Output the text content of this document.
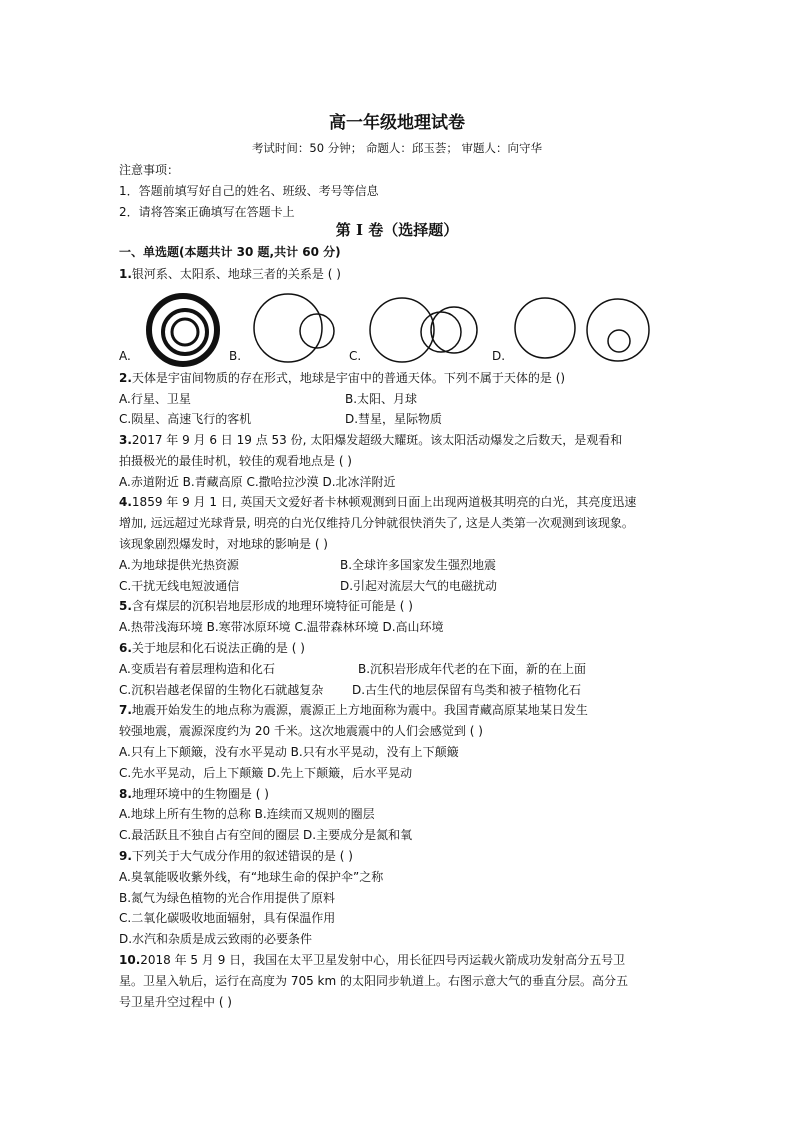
高一年级地理试卷
考试时间：50 分钟； 命题人：邱玉荟； 审题人：向守华
注意事项：
1．答题前填写好自己的姓名、班级、考号等信息
2．请将答案正确填写在答题卡上
第 I 卷（选择题）
一、单选题(本题共计 30 题,共计 60 分)
1.银河系、太阳系、地球三者的关系是 ( )
A.	B.	C.	D.
2.天体是宇宙间物质的存在形式，地球是宇宙中的普通天体。下列不属于天体的是 ()
A.行星、卫星	B.太阳、月球
C.陨星、高速飞行的客机	D.彗星，星际物质
3.2017 年 9 月 6 日 19 点 53 份, 太阳爆发超级大耀斑。该太阳活动爆发之后数天，是观看和
拍摄极光的最佳时机，较佳的观看地点是 ( )
A.赤道附近 B.青藏高原 C.撒哈拉沙漠 D.北冰洋附近
4.1859 年 9 月 1 日, 英国天文爱好者卡林顿观测到日面上出现两道极其明亮的白光，其亮度迅速
增加, 远远超过光球背景, 明亮的白光仅维持几分钟就很快消失了, 这是人类第一次观测到该现象。
该现象剧烈爆发时，对地球的影响是 ( )
A.为地球提供光热资源	B.全球许多国家发生强烈地震
C.干扰无线电短波通信	D.引起对流层大气的电磁扰动
5.含有煤层的沉积岩地层形成的地理环境特征可能是 ( )
A.热带浅海环境 B.寒带冰原环境 C.温带森林环境 D.高山环境
6.关于地层和化石说法正确的是 ( )
A.变质岩有着层理构造和化石	B.沉积岩形成年代老的在下面，新的在上面
C.沉积岩越老保留的生物化石就越复杂 D.古生代的地层保留有鸟类和被子植物化石
7.地震开始发生的地点称为震源，震源正上方地面称为震中。我国青藏高原某地某日发生
较强地震，震源深度约为 20 千米。这次地震震中的人们会感觉到 ( )
A.只有上下颠簸，没有水平晃动 B.只有水平晃动，没有上下颠簸
C.先水平晃动，后上下颠簸 D.先上下颠簸，后水平晃动
8.地理环境中的生物圈是 ( )
A.地球上所有生物的总称 B.连续而又规则的圈层
C.最活跃且不独自占有空间的圈层 D.主要成分是氮和氧
9.下列关于大气成分作用的叙述错误的是 ( )
A.臭氧能吸收紫外线，有“地球生命的保护伞”之称
B.氮气为绿色植物的光合作用提供了原料
C.二氧化碳吸收地面辐射，具有保温作用
D.水汽和杂质是成云致雨的必要条件
10.2018 年 5 月 9 日，我国在太平卫星发射中心，用长征四号丙运载火箭成功发射高分五号卫
星。卫星入轨后，运行在高度为 705 km 的太阳同步轨道上。右图示意大气的垂直分层。高分五
号卫星升空过程中 ( )
